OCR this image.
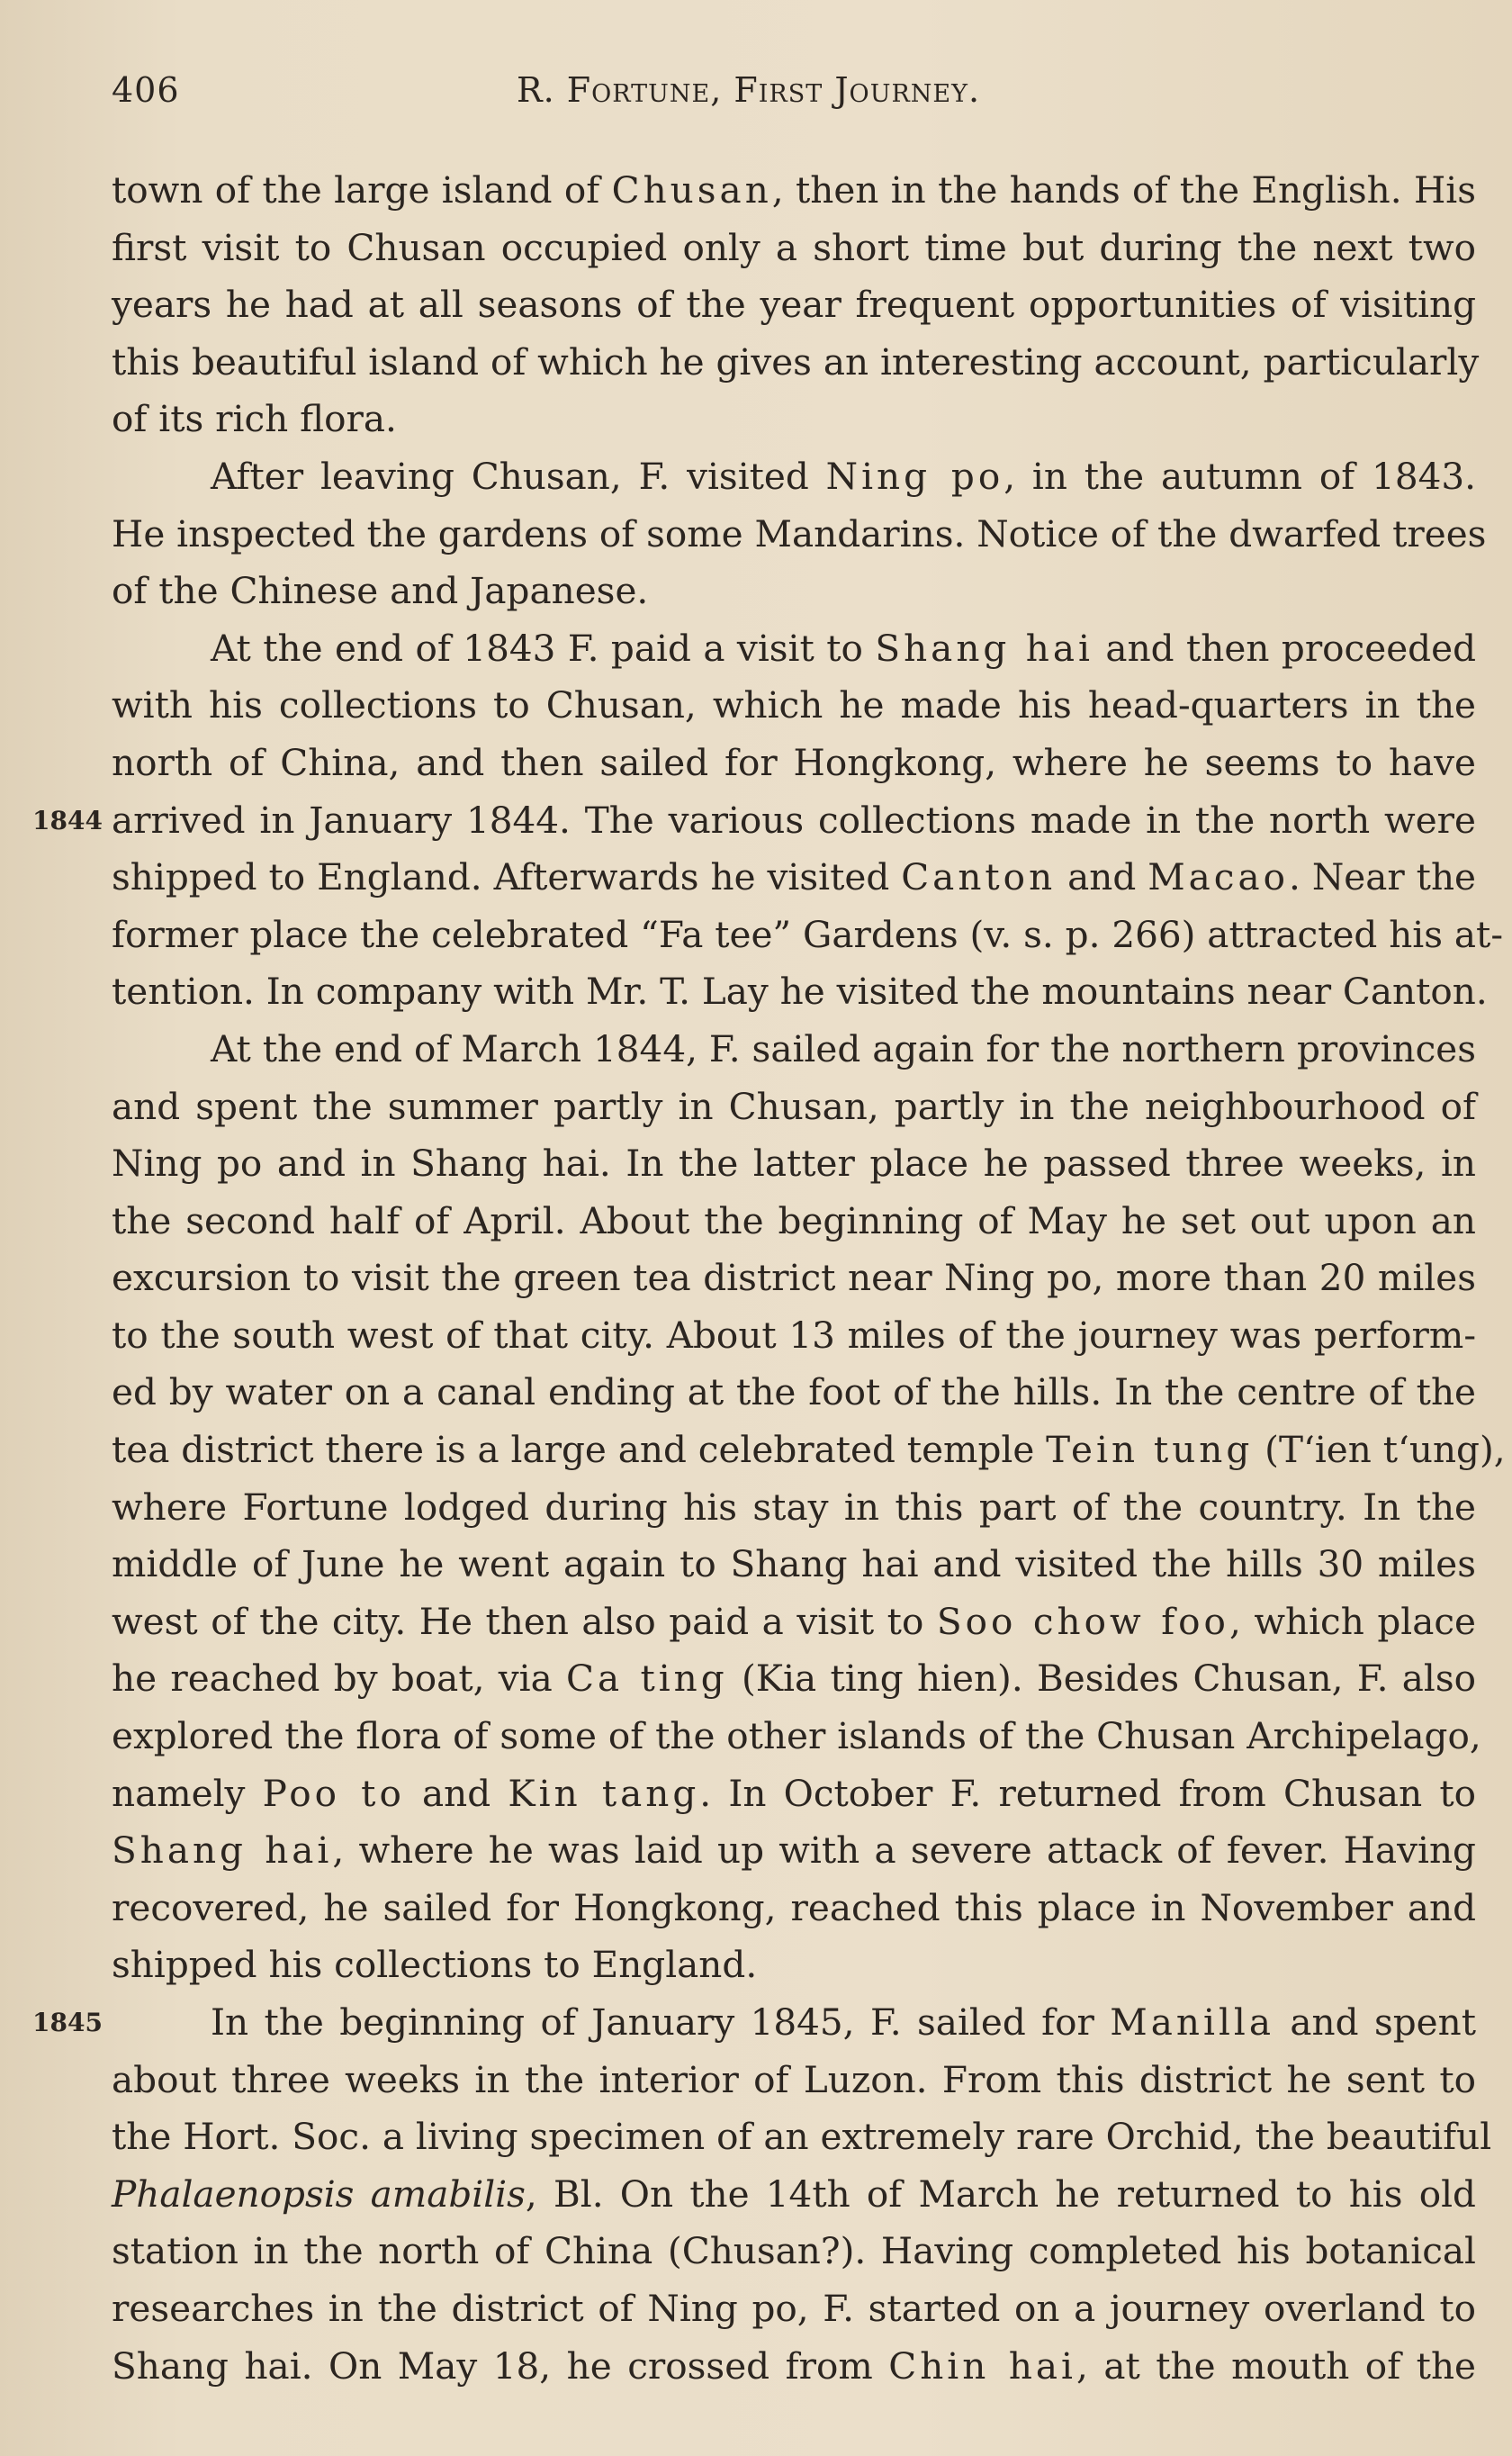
406	R. Fortune, First Journey.
town of the large island of Chusan, then in the hands of the English. His
first visit to Chusan occupied only a short time but during the next two
years he had at all seasons of the year frequent opportunities of visiting
this beautiful island of which he gives an interesting account, particularly
of its rich flora.
After leaving Chusan, F. visited Ning po, in the autumn of 1843.
He inspected the gardens of some Mandarins. Notice of the dwarfed trees
of the Chinese and Japanese.
At the end of 1843 F. paid a visit to Shang hai and then proceeded
with his collections to Chusan, which he made his head-quarters in the
north of China, and then sailed for Hongkong, where he seems to have
1844 arrived in January 1844. The various collections made in the north were
shipped to England. Afterwards he visited Canton and Macao. Near the
former place the celebrated “Fa tee” Gardens (v. s. p. 266) attracted his at-
tention. In company with Mr. T. Lay he visited the mountains near Canton.
At the end of March 1844, F. sailed again for the northern provinces
and spent the summer partly in Chusan, partly in the neighbourhood of
Ning po and in Shang hai. In the latter place he passed three weeks, in
the second half of April. About the beginning of May he set out upon an
excursion to visit the green tea district near Ning po, more than 20 miles
to the south west of that city. About 13 miles of the journey was perform-
ed by water on a canal ending at the foot of the hills. In the centre of the
tea district there is a large and celebrated temple Tein tung (T‘ien t‘ung),
where Fortune lodged during his stay in this part of the country. In the
middle of June he went again to Shang hai and visited the hills 30 miles
west of the city. He then also paid a visit to Soo chow foo, which place
he reached by boat, via Ca ting (Kia ting hien). Besides Chusan, F. also
explored the flora of some of the other islands of the Chusan Archipelago,
namely Poo to and Kin tang. In October F. returned from Chusan to
Shang hai, where he was laid up with a severe attack of fever. Having
recovered, he sailed for Hongkong, reached this place in November and
shipped his collections to England.
1845	In the beginning of January 1845, F. sailed for Manilla and spent
about three weeks in the interior of Luzon. From this district he sent to
the Hort. Soc. a living specimen of an extremely rare Orchid, the beautiful
Phalaenopsis amabilis, Bl. On the 14th of March he returned to his old
station in the north of China (Chusan?). Having completed his botanical
researches in the district of Ning po, F. started on a journey overland to
Shang hai. On May 18, he crossed from Chin hai, at the mouth of the
